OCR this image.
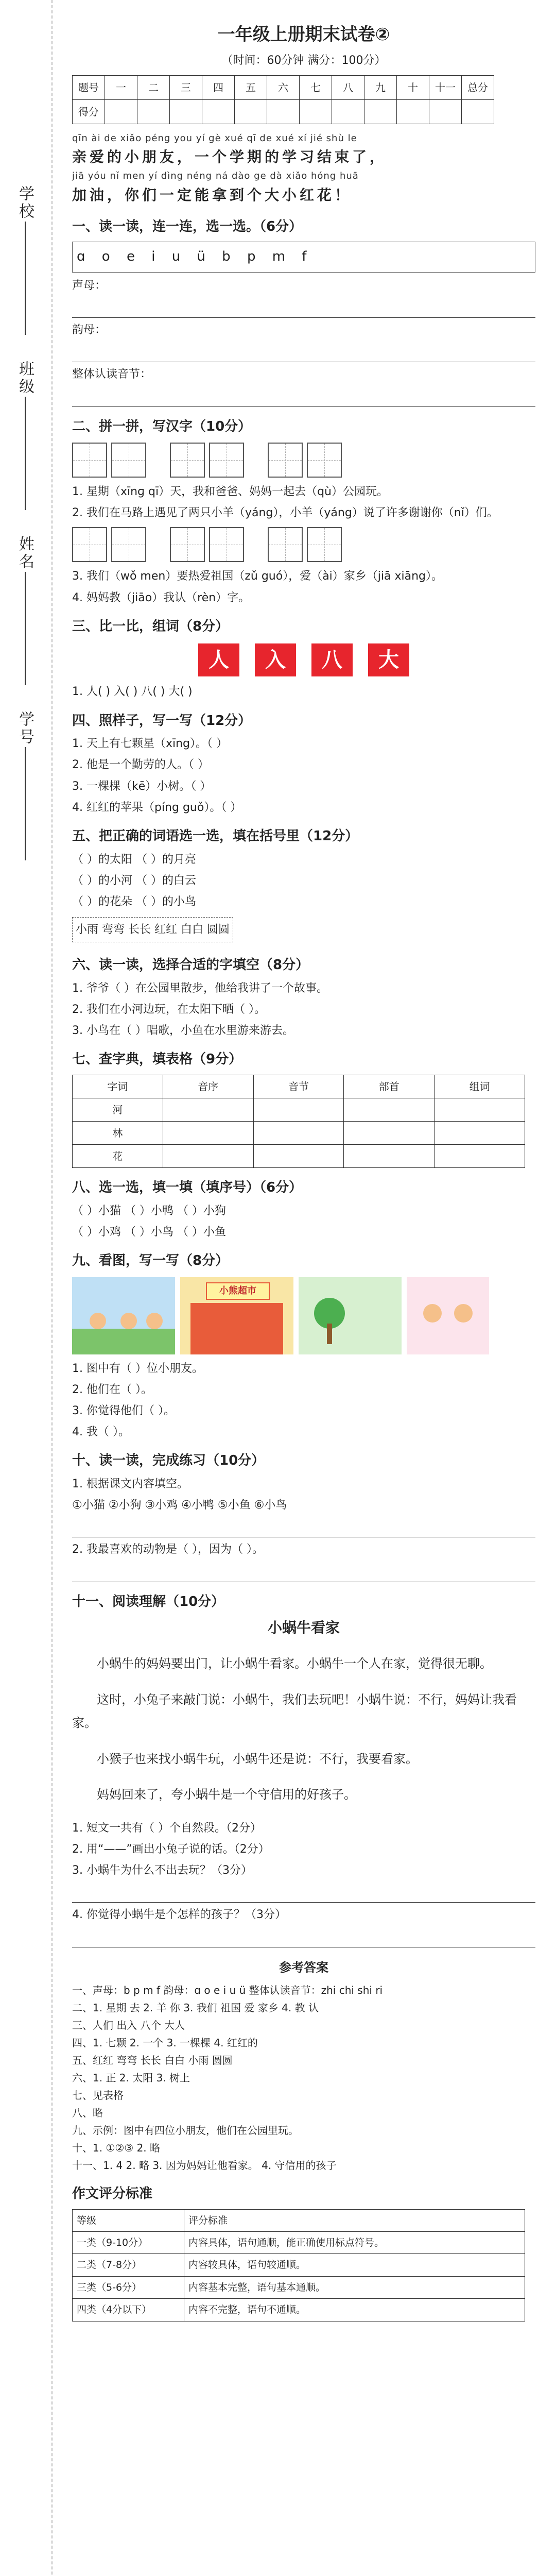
学校
班级
姓名
学号
一年级上册期末试卷②
（时间：60分钟 满分：100分）
题号	一	二	三	四	五	六	七	八	九	十	十一	总分
得分												
qīn ài de xiǎo péng you yí gè xué qī de xué xí jié shù le
亲爱的小朋友，一个学期的学习结束了，
jiā yóu nǐ men yí dìng néng ná dào ge dà xiǎo hóng huā
加油，你们一定能拿到个大小红花！
一、读一读，连一连，选一选。（6分）
ɑ o e i u ü b p m f
声母：
韵母：
整体认读音节：
二、拼一拼，写汉字（10分）
1. 星期（xīnɡ qī）天，我和爸爸、妈妈一起去（qù）公园玩。
2. 我们在马路上遇见了两只小羊（yáng），小羊（yáng）说了许多谢谢你（nǐ）们。
3. 我们（wǒ men）要热爱祖国（zǔ guó），爱（ài）家乡（jiā xiāng）。
4. 妈妈教（jiāo）我认（rèn）字。
三、比一比，组词（8分）
人	入	八	大
1. 人( ) 入( ) 八( ) 大( )
四、照样子，写一写（12分）
1. 天上有七颗星（xīng）。（ ）
2. 他是一个勤劳的人。（ ）
3. 一棵棵（kē）小树。（ ）
4. 红红的苹果（píng guǒ）。（ ）
五、把正确的词语选一选，填在括号里（12分）
（ ）的太阳 （ ）的月亮
（ ）的小河 （ ）的白云
（ ）的花朵 （ ）的小鸟
小雨 弯弯 长长 红红 白白 圆圆
六、读一读，选择合适的字填空（8分）
1. 爷爷（ ）在公园里散步，他给我讲了一个故事。
2. 我们在小河边玩，在太阳下晒（ ）。
3. 小鸟在（ ）唱歌，小鱼在水里游来游去。
七、查字典，填表格（9分）
字词	音序	音节	部首	组词
河				
林				
花				
八、选一选，填一填（填序号）（6分）
（ ）小猫 （ ）小鸭 （ ）小狗
（ ）小鸡 （ ）小鸟 （ ）小鱼
九、看图，写一写（8分）
小熊超市
1. 图中有（ ）位小朋友。
2. 他们在（ ）。
3. 你觉得他们（ ）。
4. 我（ ）。
十、读一读，完成练习（10分）
1. 根据课文内容填空。
①小猫 ②小狗 ③小鸡 ④小鸭 ⑤小鱼 ⑥小鸟
2. 我最喜欢的动物是（ ），因为（ ）。
十一、阅读理解（10分）
小蜗牛看家

小蜗牛的妈妈要出门，让小蜗牛看家。小蜗牛一个人在家，觉得很无聊。

这时，小兔子来敲门说：小蜗牛，我们去玩吧！小蜗牛说：不行，妈妈让我看家。

小猴子也来找小蜗牛玩，小蜗牛还是说：不行，我要看家。

妈妈回来了，夸小蜗牛是一个守信用的好孩子。

1. 短文一共有（ ）个自然段。（2分）
2. 用“——”画出小兔子说的话。（2分）
3. 小蜗牛为什么不出去玩？（3分）
4. 你觉得小蜗牛是个怎样的孩子？（3分）
参考答案
一、声母：b p m f 韵母：ɑ o e i u ü 整体认读音节：zhi chi shi ri
二、1. 星期 去 2. 羊 你 3. 我们 祖国 爱 家乡 4. 教 认
三、人们 出入 八个 大人
四、1. 七颗 2. 一个 3. 一棵棵 4. 红红的
五、红红 弯弯 长长 白白 小雨 圆圆
六、1. 正 2. 太阳 3. 树上
七、见表格
八、略
九、示例：图中有四位小朋友，他们在公园里玩。
十、1. ①②③ 2. 略
十一、1. 4 2. 略 3. 因为妈妈让他看家。 4. 守信用的孩子
作文评分标准
等级	评分标准
一类（9-10分）	内容具体，语句通顺，能正确使用标点符号。
二类（7-8分）	内容较具体，语句较通顺。
三类（5-6分）	内容基本完整，语句基本通顺。
四类（4分以下）	内容不完整，语句不通顺。
